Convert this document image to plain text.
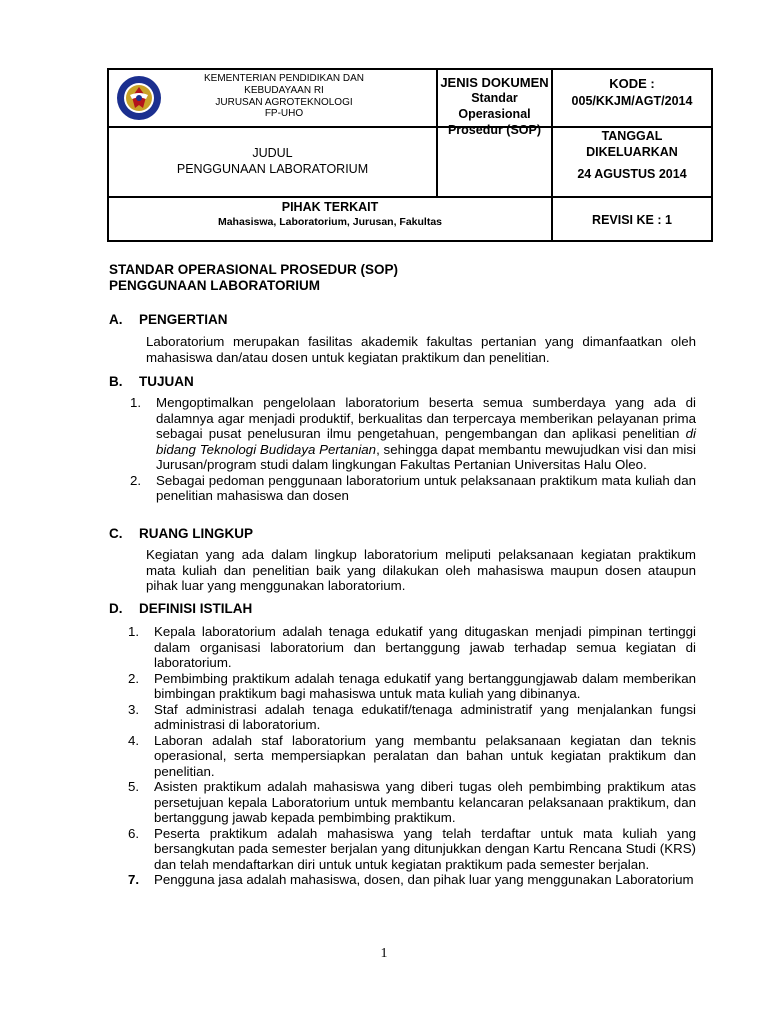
KEMENTERIAN PENDIDIKAN DAN
KEBUDAYAAN RI
JURUSAN AGROTEKNOLOGI
FP-UHO
JENIS DOKUMEN
Standar Operasional
Prosedur (SOP)
KODE :
005/KKJM/AGT/2014
JUDUL
PENGGUNAAN LABORATORIUM
TANGGAL
DIKELUARKAN
24 AGUSTUS 2014
PIHAK TERKAIT
Mahasiswa, Laboratorium, Jurusan, Fakultas	REVISI KE : 1
STANDAR OPERASIONAL PROSEDUR (SOP)
PENGGUNAAN LABORATORIUM
A. PENGERTIAN
Laboratorium merupakan fasilitas akademik fakultas pertanian yang dimanfaatkan oleh mahasiswa dan/atau dosen untuk kegiatan praktikum dan penelitian.
B. TUJUAN
1. Mengoptimalkan pengelolaan laboratorium beserta semua sumberdaya yang ada di dalamnya agar menjadi produktif, berkualitas dan terpercaya memberikan pelayanan prima sebagai pusat penelusuran ilmu pengetahuan, pengembangan dan aplikasi penelitian di bidang Teknologi Budidaya Pertanian, sehingga dapat membantu mewujudkan visi dan misi Jurusan/program studi dalam lingkungan Fakultas Pertanian Universitas Halu Oleo.
2. Sebagai pedoman penggunaan laboratorium untuk pelaksanaan praktikum mata kuliah dan penelitian mahasiswa dan dosen
C. RUANG LINGKUP
Kegiatan yang ada dalam lingkup laboratorium meliputi pelaksanaan kegiatan praktikum mata kuliah dan penelitian baik yang dilakukan oleh mahasiswa maupun dosen ataupun pihak luar yang menggunakan laboratorium.
D. DEFINISI ISTILAH
1. Kepala laboratorium adalah tenaga edukatif yang ditugaskan menjadi pimpinan tertinggi dalam organisasi laboratorium dan bertanggung jawab terhadap semua kegiatan di laboratorium.
2. Pembimbing praktikum adalah tenaga edukatif yang bertanggungjawab dalam memberikan bimbingan praktikum bagi mahasiswa untuk mata kuliah yang dibinanya.
3. Staf administrasi adalah tenaga edukatif/tenaga administratif yang menjalankan fungsi administrasi di laboratorium.
4. Laboran adalah staf laboratorium yang membantu pelaksanaan kegiatan dan teknis operasional, serta mempersiapkan peralatan dan bahan untuk kegiatan praktikum dan penelitian.
5. Asisten praktikum adalah mahasiswa yang diberi tugas oleh pembimbing praktikum atas persetujuan kepala Laboratorium untuk membantu kelancaran pelaksanaan praktikum, dan bertanggung jawab kepada pembimbing praktikum.
6. Peserta praktikum adalah mahasiswa yang telah terdaftar untuk mata kuliah yang bersangkutan pada semester berjalan yang ditunjukkan dengan Kartu Rencana Studi (KRS) dan telah mendaftarkan diri untuk untuk kegiatan praktikum pada semester berjalan.
7. Pengguna jasa adalah mahasiswa, dosen, dan pihak luar yang menggunakan Laboratorium
1
